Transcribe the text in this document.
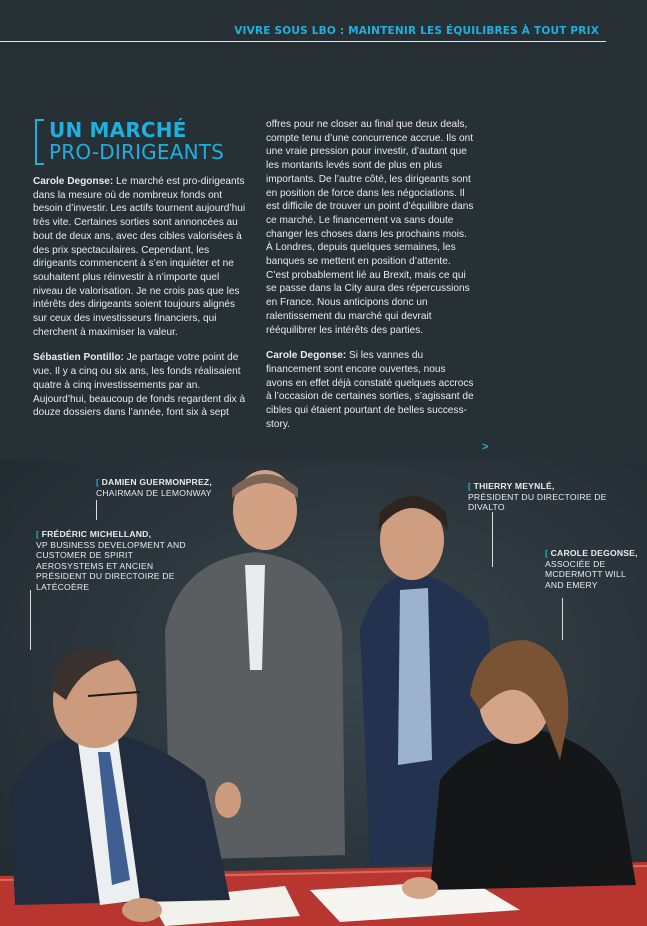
VIVRE SOUS LBO : MAINTENIR LES ÉQUILIBRES À TOUT PRIX
UN MARCHÉ
PRO-DIRIGEANTS

Carole Degonse: Le marché est pro-dirigeants dans la mesure où de nombreux fonds ont besoin d’investir. Les actifs tournent aujourd’hui très vite. Certaines sorties sont annoncées au bout de deux ans, avec des cibles valorisées à des prix spectaculaires. Cependant, les dirigeants commencent à s’en inquiéter et ne souhaitent plus réinvestir à n’importe quel niveau de valorisation. Je ne crois pas que les intérêts des dirigeants soient toujours alignés sur ceux des investisseurs financiers, qui cherchent à maximiser la valeur.

Sébastien Pontillo: Je partage votre point de vue. Il y a cinq ou six ans, les fonds réalisaient quatre à cinq investissements par an. Aujourd’hui, beaucoup de fonds regardent dix à douze dossiers dans l’année, font six à sept

offres pour ne closer au final que deux deals, compte tenu d’une concurrence accrue. Ils ont une vraie pression pour investir, d’autant que les montants levés sont de plus en plus importants. De l’autre côté, les dirigeants sont en position de force dans les négociations. Il est difficile de trouver un point d’équilibre dans ce marché. Le financement va sans doute changer les choses dans les prochains mois. À Londres, depuis quelques semaines, les banques se mettent en position d’attente. C’est probablement lié au Brexit, mais ce qui se passe dans la City aura des répercussions en France. Nous anticipons donc un ralentissement du marché qui devrait rééquilibrer les intérêts des parties.

Carole Degonse: Si les vannes du financement sont encore ouvertes, nous avons en effet déjà constaté quelques accrocs à l’occasion de certaines sorties, s’agissant de cibles qui étaient pourtant de belles success-story.

>
[ DAMIEN GUERMONPREZ,
CHAIRMAN DE LEMONWAY
[ FRÉDÉRIC MICHELLAND,
VP BUSINESS DEVELOPMENT AND CUSTOMER DE SPIRIT AEROSYSTEMS ET ANCIEN PRÉSIDENT DU DIRECTOIRE DE LATÉCOÈRE
[ THIERRY MEYNLÉ,
PRÉSIDENT DU DIRECTOIRE DE DIVALTO
[ CAROLE DEGONSE,
ASSOCIÉE DE MCDERMOTT WILL AND EMERY
